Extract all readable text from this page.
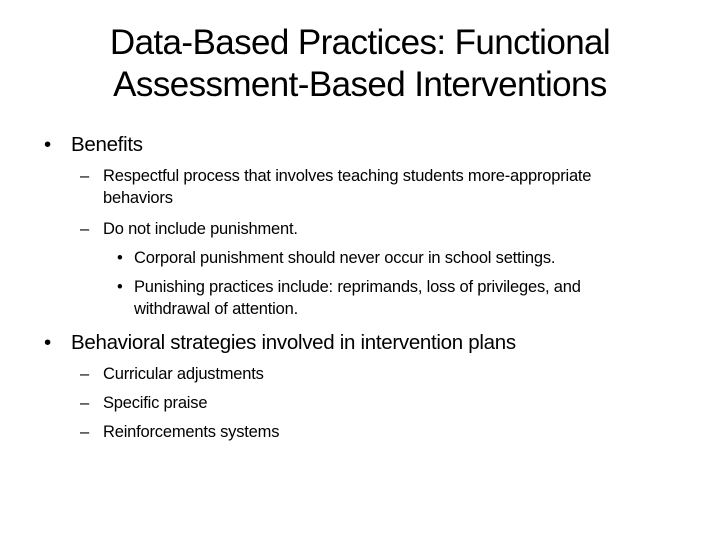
Data-Based Practices: Functional
Assessment-Based Interventions
• Benefits
– Respectful process that involves teaching students more-appropriate
behaviors
– Do not include punishment.
• Corporal punishment should never occur in school settings.
• Punishing practices include: reprimands, loss of privileges, and
withdrawal of attention.
• Behavioral strategies involved in intervention plans
– Curricular adjustments
– Specific praise
– Reinforcements systems
